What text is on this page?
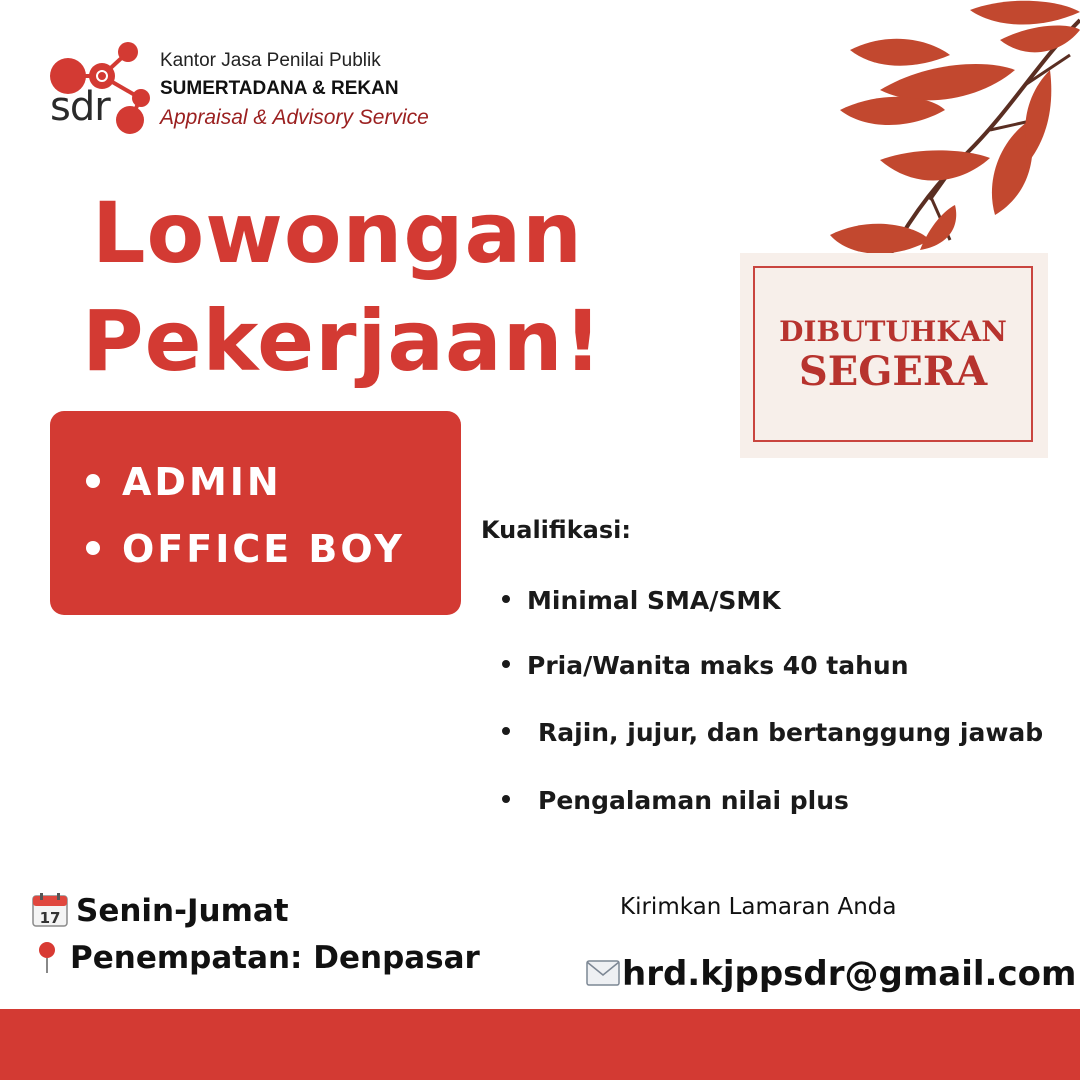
sdr
Kantor Jasa Penilai Publik
SUMERTADANA & REKAN
Appraisal & Advisory Service
Lowongan
Pekerjaan!	DIBUTUHKAN
SEGERA
ADMIN
OFFICE BOY	Kualifikasi:
Minimal SMA/SMK
Pria/Wanita maks 40 tahun
Rajin, jujur, dan bertanggung jawab
Pengalaman nilai plus
17 Senin-Jumat
Penempatan: Denpasar
Kirimkan Lamaran Anda
hrd.kjppsdr@gmail.com
